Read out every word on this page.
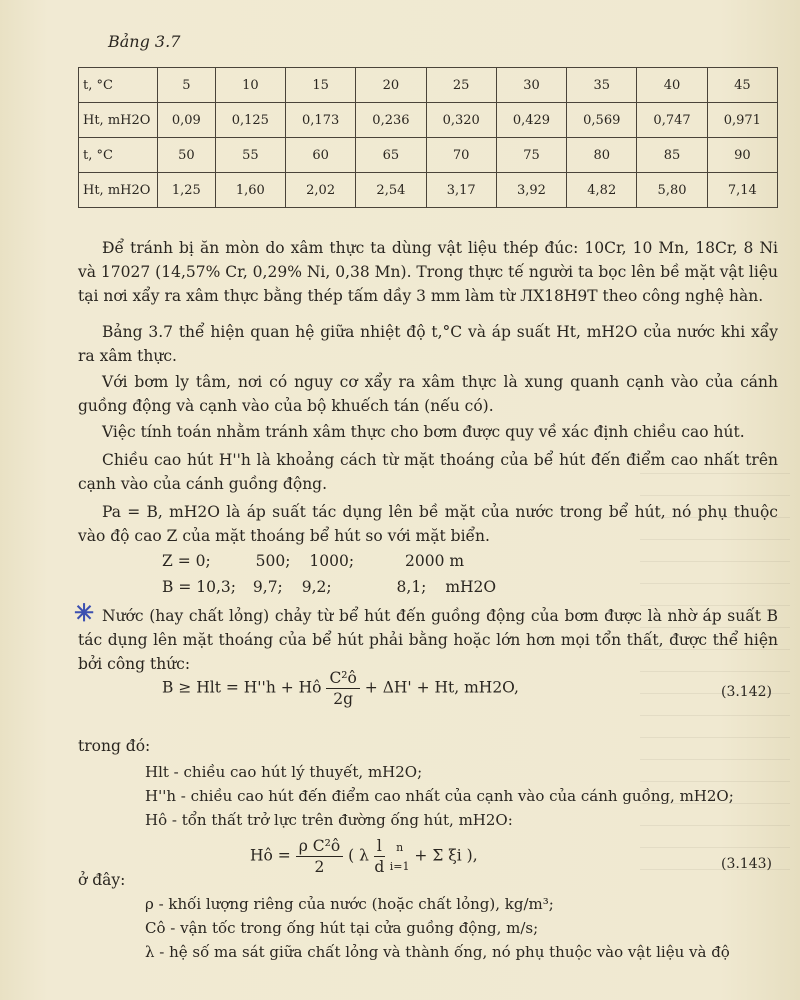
Bảng 3.7
t, °C	5	10	15	20	25	30	35	40	45
Ht, mH2O	0,09	0,125	0,173	0,236	0,320	0,429	0,569	0,747	0,971
t, °C	50	55	60	65	70	75	80	85	90
Ht, mH2O	1,25	1,60	2,02	2,54	3,17	3,92	4,82	5,80	7,14
Để tránh bị ăn mòn do xâm thực ta dùng vật liệu thép đúc: 10Cr, 10 Mn, 18Cr, 8 Ni và 17027 (14,57% Cr, 0,29% Ni, 0,38 Mn). Trong thực tế người ta bọc lên bề mặt vật liệu tại nơi xẩy ra xâm thực bằng thép tấm dầy 3 mm làm từ ЛX18H9T theo công nghệ hàn.
Bảng 3.7 thể hiện quan hệ giữa nhiệt độ t,°C và áp suất Ht, mH2O của nước khi xẩy ra xâm thực.
Với bơm ly tâm, nơi có nguy cơ xẩy ra xâm thực là xung quanh cạnh vào của cánh guồng động và cạnh vào của bộ khuếch tán (nếu có).
Việc tính toán nhằm tránh xâm thực cho bơm được quy về xác định chiều cao hút.
Chiều cao hút H''h là khoảng cách từ mặt thoáng của bể hút đến điểm cao nhất trên cạnh vào của cánh guồng động.
Pa = B, mH2O là áp suất tác dụng lên bề mặt của nước trong bể hút, nó phụ thuộc vào độ cao Z của mặt thoáng bể hút so với mặt biển.
Z = 0;	500; 1000;	2000 m
B = 10,3; 9,7; 9,2;	8,1; mH2O
✳ Nước (hay chất lỏng) chảy từ bể hút đến guồng động của bơm được là nhờ áp suất B tác dụng lên mặt thoáng của bể hút phải bằng hoặc lớn hơn mọi tổn thất, được thể hiện bởi công thức:
B ≥ Hlt = H''h + Hô $\frac{\text{C²ô}}{2g} + \Delta H' + Ht$, mH2O,	(3.142)
trong đó:
Hlt - chiều cao hút lý thuyết, mH2O;
H''h - chiều cao hút đến điểm cao nhất của cạnh vào của cánh guồng, mH2O;
Hô - tổn thất trở lực trên đường ống hút, mH2O:
Hô = $\frac{\text{ρ C²ô}}{2}$ ( λ $\frac{l}{d}$
	n

i=1
+ Σ ξi ),	(3.143)
ở đây:
ρ - khối lượng riêng của nước (hoặc chất lỏng), kg/m³;
Cô - vận tốc trong ống hút tại cửa guồng động, m/s;
λ - hệ số ma sát giữa chất lỏng và thành ống, nó phụ thuộc vào vật liệu và độ
